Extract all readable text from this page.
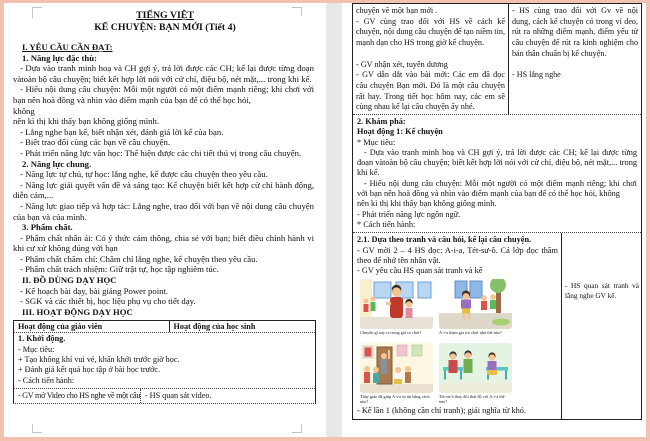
TIẾNG VIỆT
KỂ CHUYỆN: BẠN MỚI (Tiết 4)
I. YÊU CẦU CẦN ĐẠT:
1. Năng lực đặc thù:
- Dựa vào tranh minh hoạ và CH gợi ý, trả lời được các CH; kể lại được từng đoạn vàtoàn bộ câu chuyện; biết kết hợp lời nói với cử chỉ, điệu bộ, nét mặt,... trong khi kể.
- Hiểu nội dung câu chuyện: Mỗi một người có một điểm mạnh riêng; khi chơi với bạn nên hoà đồng và nhìn vào điểm mạnh của bạn để có thể học hỏi,
không
nên kì thị khi thấy bạn không giống mình.
- Lắng nghe bạn kể, biết nhận xét, đánh giá lời kể của bạn.
- Biết trao đổi cùng các bạn về câu chuyện.
- Phát triển năng lực văn học: Thể hiện được các chi tiết thú vị trong câu chuyện.
2. Năng lực chung.
- Năng lực tự chủ, tự học: lắng nghe, kể được câu chuyện theo yêu cầu.
- Năng lực giải quyết vấn đề và sáng tạo: Kể chuyện biết kết hợp cử chỉ hành động, diễn cảm,...
- Năng lực giao tiếp và hợp tác: Lắng nghe, trao đổi với bạn về nội dung câu chuyện của bạn và của mình.
3. Phẩm chất.
- Phẩm chất nhân ái: Có ý thức cảm thông, chia sẻ với bạn; biết điều chỉnh hành vi khi cư xử không đúng với bạn
- Phẩm chất chăm chỉ: Chăm chỉ lắng nghe, kể chuyện theo yêu cầu.
- Phẩm chất trách nhiệm: Giữ trật tự, học tập nghiêm túc.
II. ĐỒ DÙNG DẠY HỌC
- Kế hoạch bài dạy, bài giảng Power point.
- SGK và các thiết bị, học liệu phụ vụ cho tiết dạy.
III. HOẠT ĐỘNG DẠY HỌC
Hoạt động của giáo viên	Hoạt động của học sinh
1. Khởi động.
- Mục tiêu:
+ Tạo không khí vui vẻ, khấn khởi trước giờ học.
+ Đánh giá kết quả học tập ở bài học trước.
- Cách tiến hành:
- GV mở Video cho HS nghe về một câu - HS quan sát video.
chuyện về một bạn mới .
- GV cùng trao đổi với HS về cách kể chuyện, nội dung câu chuyện để tạo niềm tin, mạnh dạn cho HS trong giờ kể chuyện.

- GV nhận xét, tuyên dương
- GV dẫn dắt vào bài mới: Các em đã đọc câu chuyện Bạn mới. Đó là một câu chuyện rất hay. Trong tiết học hôm nay, các em sẽ cùng nhau kể lại câu chuyện ấy nhé.
- HS cùng trao đổi với Gv về nội dung, cách kể chuyện có trong ví deo, rút ra những điểm mạnh, điểm yếu từ câu chuyện để rút ra kinh nghiệm cho bản thân chuẩn bị kể chuyện.

- HS lắng nghe
2. Khám phá:
Hoạt động 1: Kể chuyện
* Mục tiêu:
- Dựa vào tranh minh hoạ và CH gợi ý, trả lời được các CH; kể lại được từng đoạn vàtoàn bộ câu chuyện; biết kết hợp lời nói với cử chỉ, điệu bộ, nét mặt,... trong khi kể.
- Hiểu nội dung câu chuyện: Mỗi một người có một điểm mạnh riêng; khi chơi với bạn nên hoà đồng và nhìn vào điểm mạnh của bạn để có thể học hỏi, không
nên kì thị khi thấy bạn không giống mình.
- Phát triển năng lực ngôn ngữ.
* Cách tiến hành:
2.1. Dựa theo tranh và câu hỏi, kể lại câu chuyện.
- GV mời 2 – 4 HS đọc: A-i-a, Tét-sư-ô. Cả lớp đọc thầm theo để nhớ tên nhân vật.
- GV yêu cầu HS quan sát tranh và kể
Chuyện gì xảy ra trong giờ ra chơi?	A-i-a tham gia trò chơi như thế nào?
Thầy giáo đã giúp A-i-a tự tin bằng cách nào?
Tét-sư-ô thay đổi thái độ với A-i-a thế nào?
- Kể lần 1 (không cần chỉ tranh); giải nghĩa từ khó.
- HS quan sát tranh và lắng nghe GV kể.
